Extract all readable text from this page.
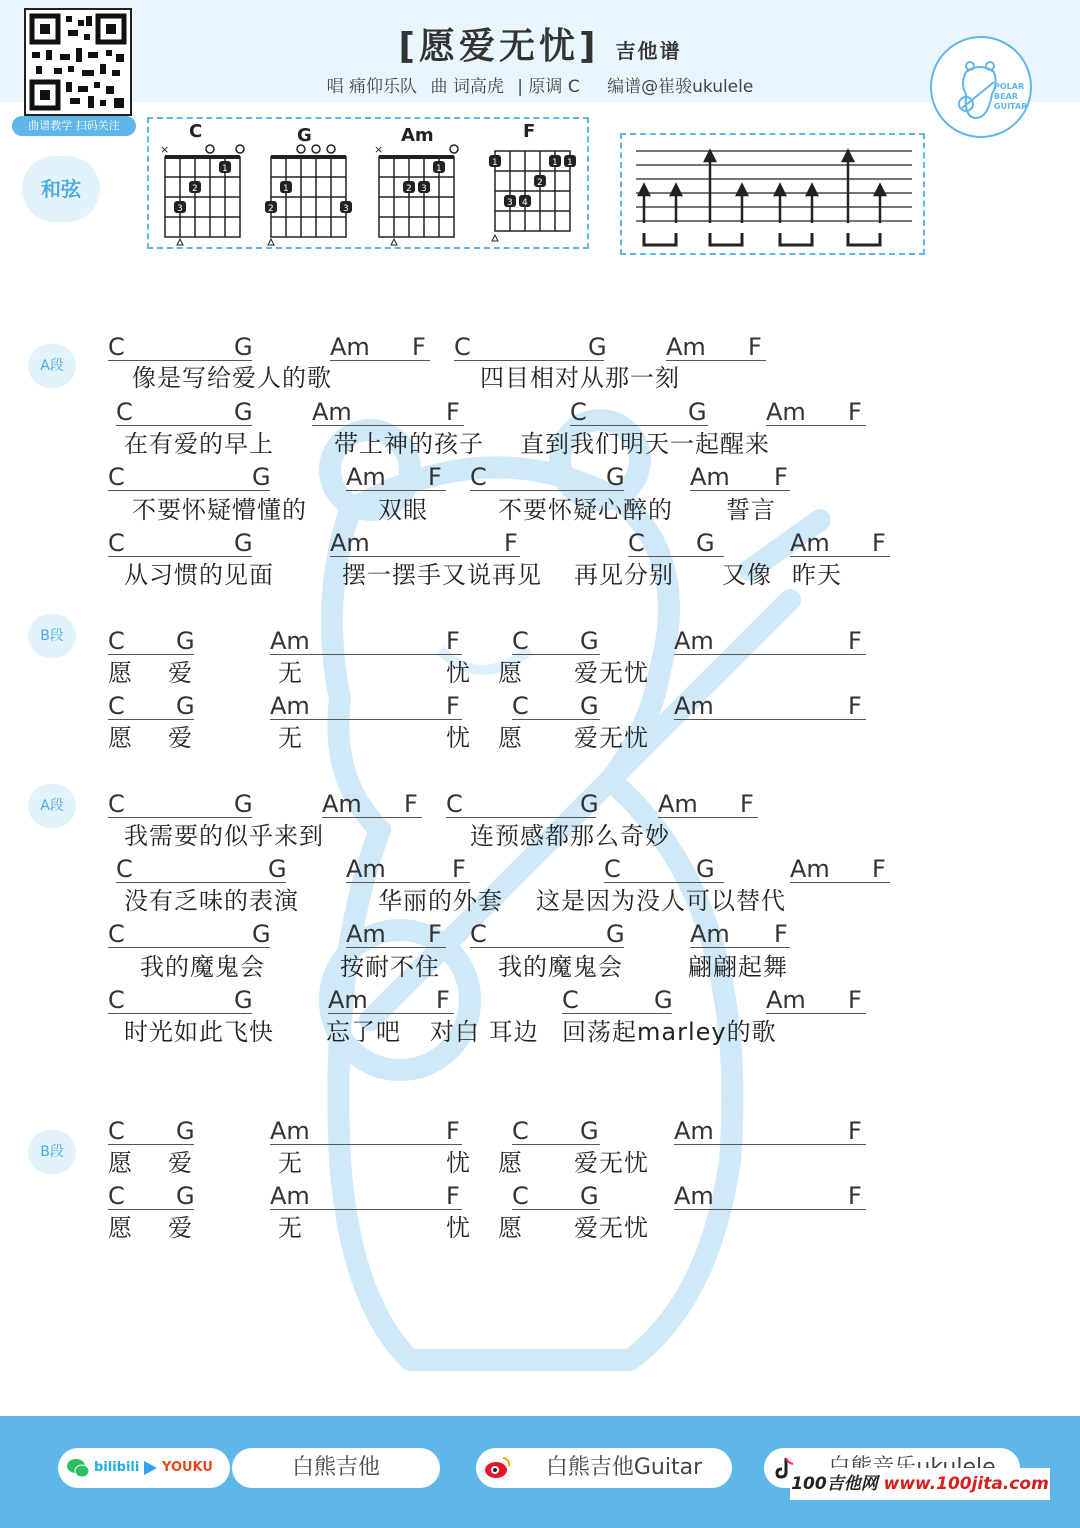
曲谱教学 扫码关注
[愿爱无忧] 吉他谱
唱 痛仰乐队 曲 词高虎 | 原调 C 编谱@崔骏ukulele	POLAR
BEAR
GUITAR
和弦
C
×
1
2
3
G
1
2	3
Am
×
1
2 3
F
1	1 1
2
3 4
A段
B段
A段
B段
C	G	Am F C	G Am F
像是写给爱人的歌	四目相对从那一刻
C	G Am	F	C	G Am F
在有爱的早上	带上神的孩子 直到我们明天一起醒来
C	G	Am F C	G	Am F
不要怀疑懵懂的	双眼	不要怀疑心醉的 誓言
C	G	Am	F	C G	Am F
从习惯的见面	摆一摆手又说再见 再见分别 又像 昨天
C G	Am	F C G	Am	F
愿 爱	无	忧 愿 爱无忧
C G	Am	F C G	Am	F
愿 爱	无	忧 愿 爱无忧
C	G	Am F C	G Am F
我需要的似乎来到	连预感都那么奇妙
C	G Am	F	C	G	Am F
没有乏味的表演	华丽的外套 这是因为没人可以替代
C	G	Am F C	G	Am F
我的魔鬼会	按耐不住 我的魔鬼会	翩翩起舞
C	G	Am	F	C	G	Am F
时光如此飞快 忘了吧 对白 耳边 回荡起marley的歌
C G	Am	F C G	Am	F
愿 爱	无	忧 愿 爱无忧
C G	Am	F C G	Am	F
愿 爱	无	忧 愿 爱无忧
bilibili YOUKU	白熊吉他	白熊吉他Guitar
100吉他网 www.100jita.com
